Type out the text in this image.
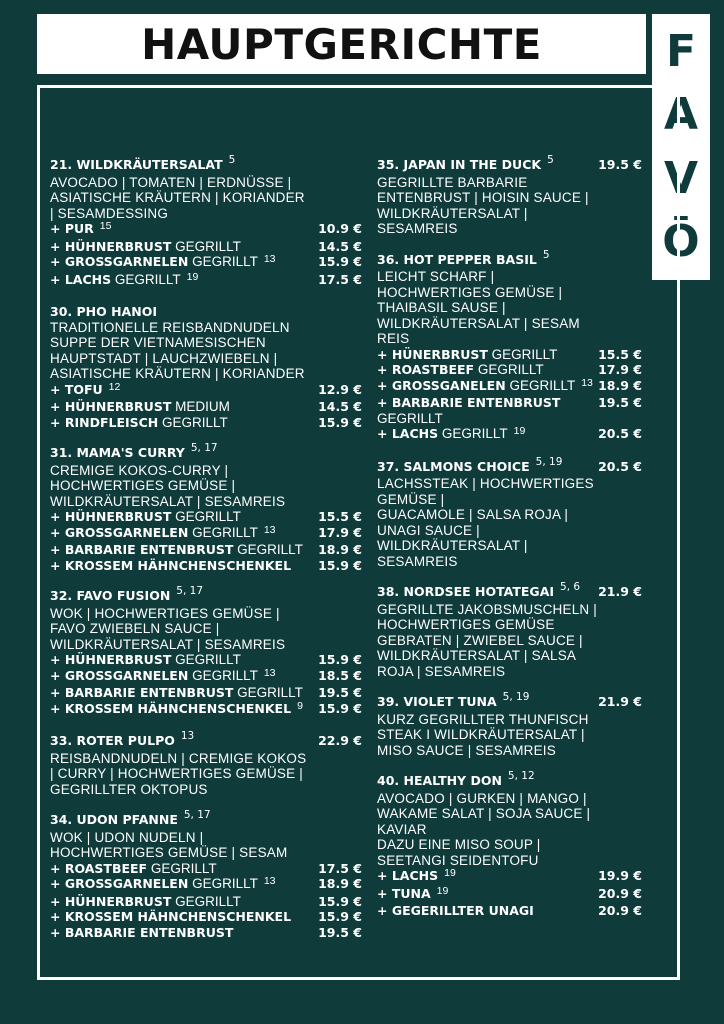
HAUPTGERICHTE	F
A
V
Ō
21. WILDKRÄUTERSALAT $^5$
AVOCADO | TOMATEN | ERDNÜSSE |
ASIATISCHE KRÄUTERN | KORIANDER
| SESAMDESSING
+ PUR $^{15}$	10.9 €
+ HÜHNERBRUST GEGRILLT	14.5 €
+ GROSSGARNELEN GEGRILLT $^{13}$	15.9 €
+ LACHS GEGRILLT $^{19}$	17.5 €
30. PHO HANOI
TRADITIONELLE REISBANDNUDELN
SUPPE DER VIETNAMESISCHEN
HAUPTSTADT | LAUCHZWIEBELN |
ASIATISCHE KRÄUTERN | KORIANDER
+ TOFU $^{12}$	12.9 €
+ HÜHNERBRUST MEDIUM	14.5 €
+ RINDFLEISCH GEGRILLT	15.9 €
31. MAMA'S CURRY $^{5, 17}$
CREMIGE KOKOS-CURRY |
HOCHWERTIGES GEMÜSE |
WILDKRÄUTERSALAT | SESAMREIS
+ HÜHNERBRUST GEGRILLT	15.5 €
+ GROSSGARNELEN GEGRILLT $^{13}$	17.9 €
+ BARBARIE ENTENBRUST GEGRILLT 18.9 €
+ KROSSEM HÄHNCHENSCHENKEL 15.9 €
32. FAVO FUSION $^{5, 17}$
WOK | HOCHWERTIGES GEMÜSE |
FAVO ZWIEBELN SAUCE |
WILDKRÄUTERSALAT | SESAMREIS
+ HÜHNERBRUST GEGRILLT	15.9 €
+ GROSSGARNELEN GEGRILLT $^{13}$	18.5 €
+ BARBARIE ENTENBRUST GEGRILLT 19.5 €
+ KROSSEM HÄHNCHENSCHENKEL $^9$ 15.9 €
33. ROTER PULPO $^{13}$	22.9 €
REISBANDNUDELN | CREMIGE KOKOS
| CURRY | HOCHWERTIGES GEMÜSE |
GEGRILLTER OKTOPUS
34. UDON PFANNE $^{5, 17}$
WOK | UDON NUDELN |
HOCHWERTIGES GEMÜSE | SESAM
+ ROASTBEEF GEGRILLT	17.5 €
+ GROSSGARNELEN GEGRILLT $^{13}$	18.9 €
+ HÜHNERBRUST GEGRILLT	15.9 €
+ KROSSEM HÄHNCHENSCHENKEL 15.9 €
+ BARBARIE ENTENBRUST	19.5 €
35. JAPAN IN THE DUCK $^5$	19.5 €
GEGRILLTE BARBARIE
ENTENBRUST | HOISIN SAUCE |
WILDKRÄUTERSALAT |
SESAMREIS
36. HOT PEPPER BASIL $^5$
LEICHT SCHARF |
HOCHWERTIGES GEMÜSE |
THAIBASIL SAUSE |
WILDKRÄUTERSALAT | SESAM
REIS
+ HÜNERBRUST GEGRILLT	15.5 €
+ ROASTBEEF GEGRILLT	17.9 €
+ GROSSGANELEN GEGRILLT $^{13}$ 18.9 €
+ BARBARIE ENTENBRUST	19.5 €
GEGRILLT
+ LACHS GEGRILLT $^{19}$	20.5 €
37. SALMONS CHOICE $^{5, 19}$	20.5 €
LACHSSTEAK | HOCHWERTIGES
GEMÜSE |
GUACAMOLE | SALSA ROJA |
UNAGI SAUCE |
WILDKRÄUTERSALAT |
SESAMREIS
38. NORDSEE HOTATEGAI $^{5, 6}$ 21.9 €
GEGRILLTE JAKOBSMUSCHELN |
HOCHWERTIGES GEMÜSE
GEBRATEN | ZWIEBEL SAUCE |
WILDKRÄUTERSALAT | SALSA
ROJA | SESAMREIS
39. VIOLET TUNA $^{5, 19}$	21.9 €
KURZ GEGRILLTER THUNFISCH
STEAK I WILDKRÄUTERSALAT |
MISO SAUCE | SESAMREIS
40. HEALTHY DON $^{5, 12}$
AVOCADO | GURKEN | MANGO |
WAKAME SALAT | SOJA SAUCE |
KAVIAR
DAZU EINE MISO SOUP |
SEETANGI SEIDENTOFU
+ LACHS $^{19}$	19.9 €
+ TUNA $^{19}$	20.9 €
+ GEGERILLTER UNAGI	20.9 €
